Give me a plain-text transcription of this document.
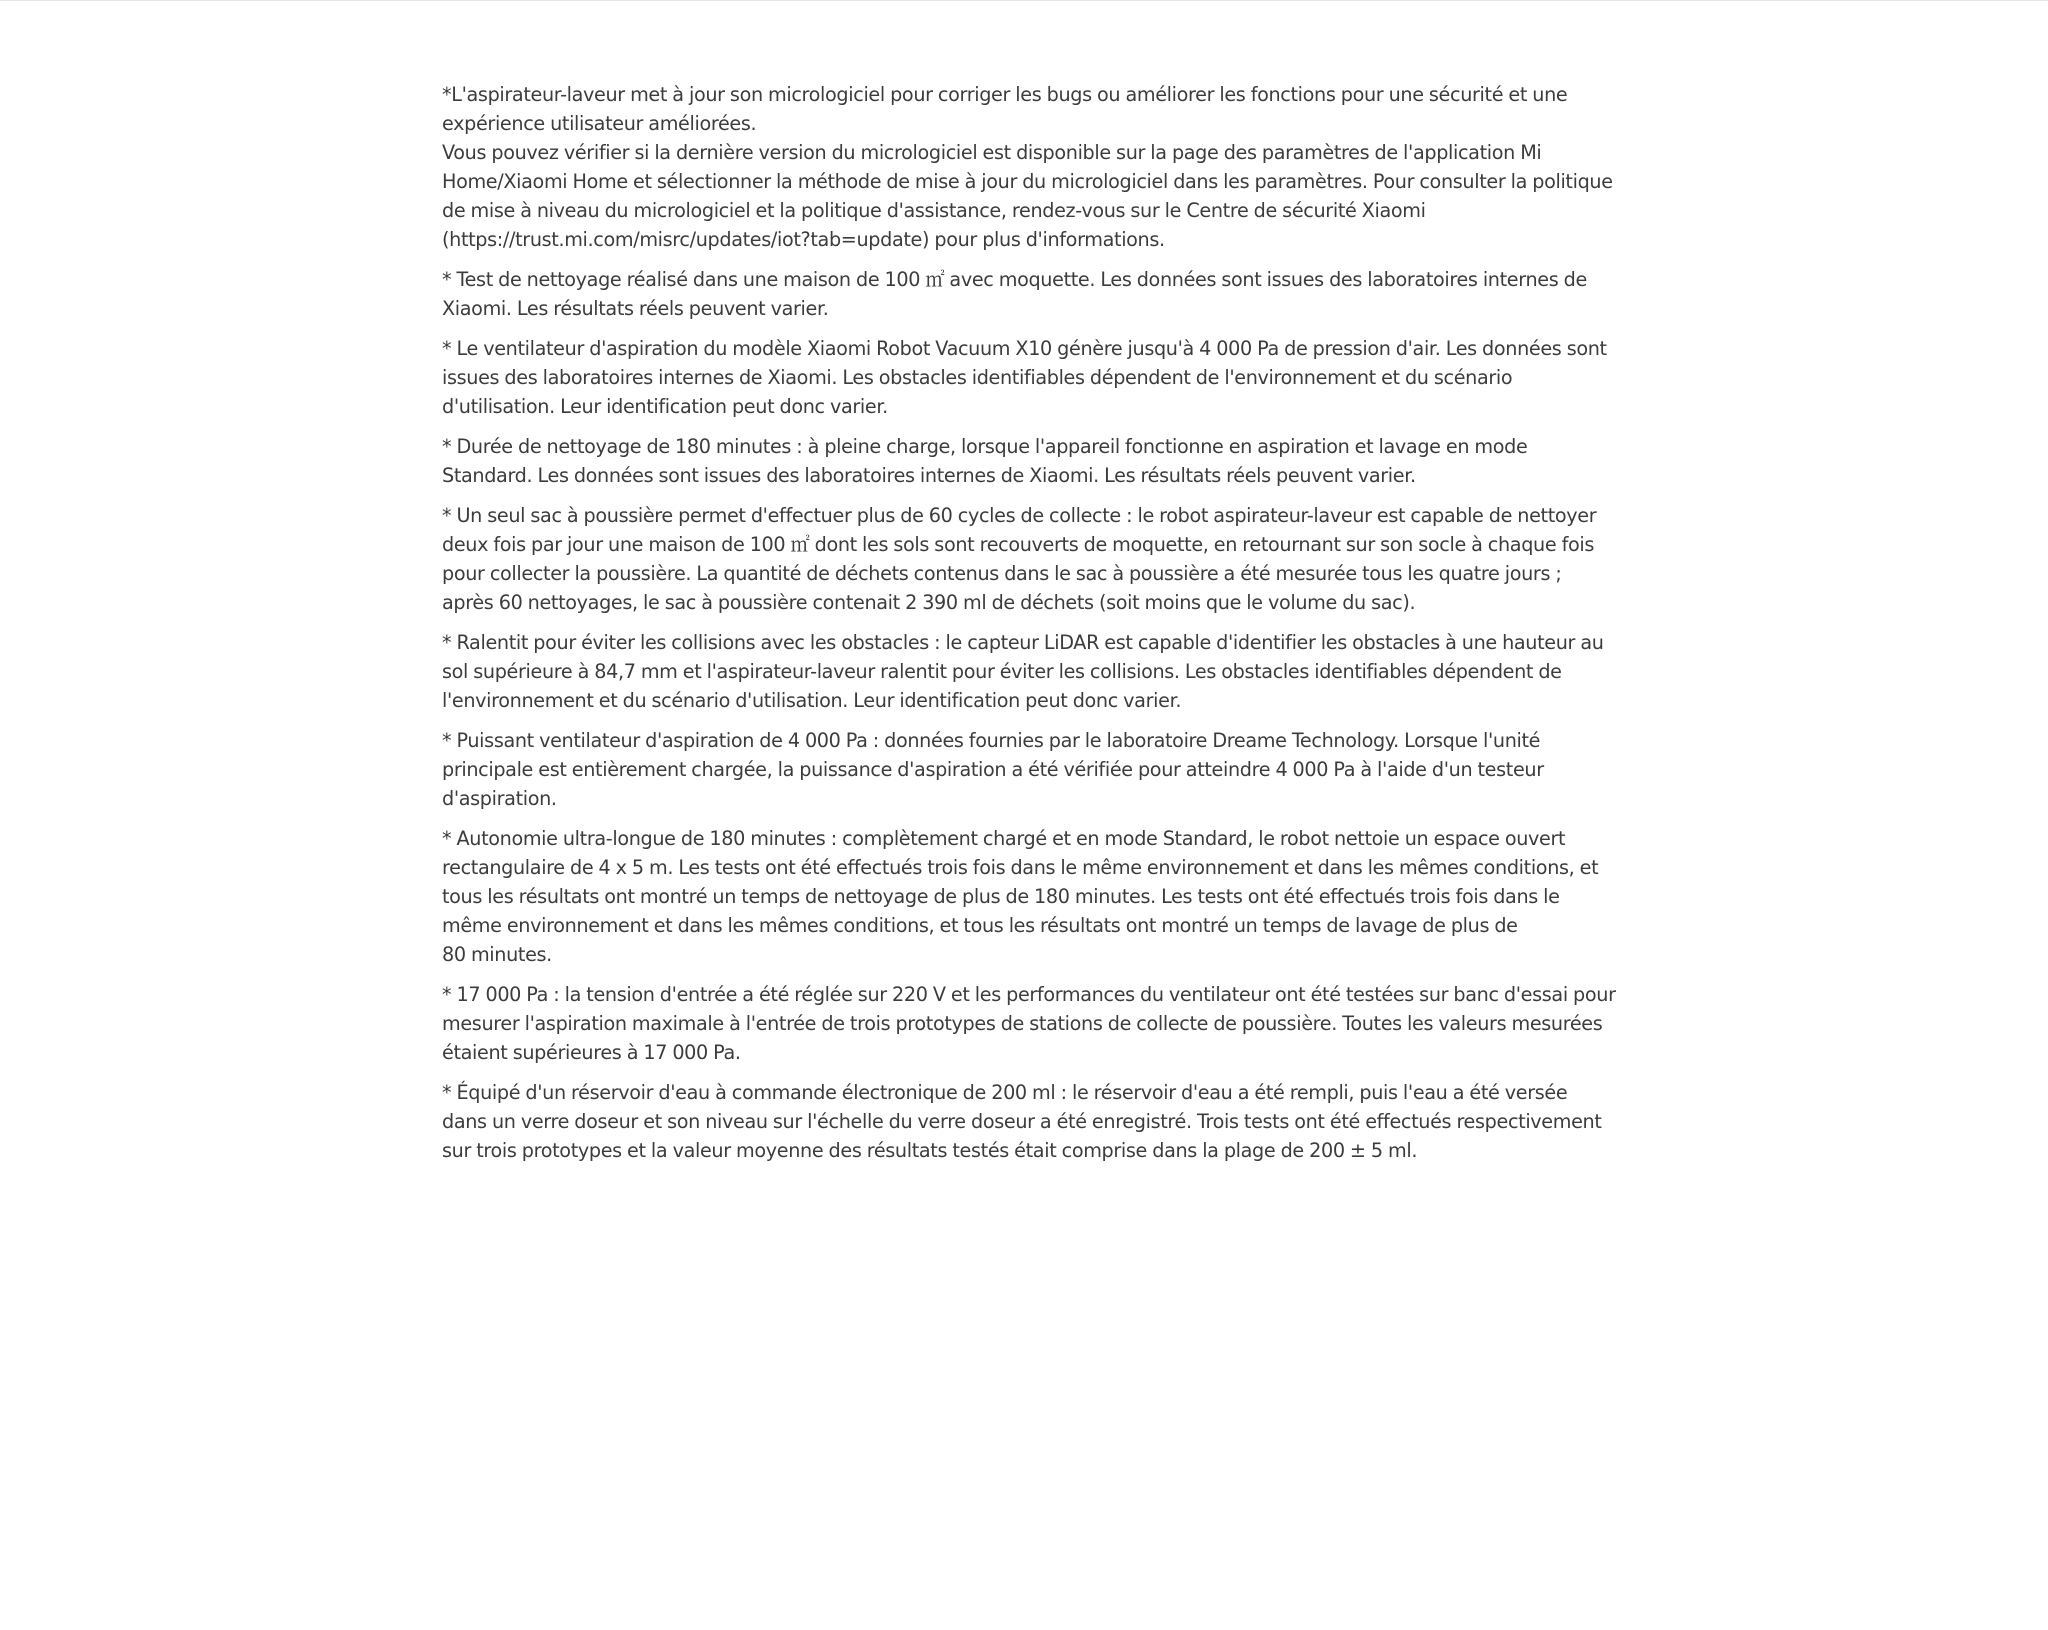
*L'aspirateur-laveur met à jour son micrologiciel pour corriger les bugs ou améliorer les fonctions pour une sécurité et une expérience utilisateur améliorées.

Vous pouvez vérifier si la dernière version du micrologiciel est disponible sur la page des paramètres de l'application Mi Home/Xiaomi Home et sélectionner la méthode de mise à jour du micrologiciel dans les paramètres. Pour consulter la politique de mise à niveau du micrologiciel et la politique d'assistance, rendez-vous sur le Centre de sécurité Xiaomi (https://trust.mi.com/misrc/updates/iot?tab=update) pour plus d'informations.

* Test de nettoyage réalisé dans une maison de 100 ㎡ avec moquette. Les données sont issues des laboratoires internes de Xiaomi. Les résultats réels peuvent varier.

* Le ventilateur d'aspiration du modèle Xiaomi Robot Vacuum X10 génère jusqu'à 4 000 Pa de pression d'air. Les données sont issues des laboratoires internes de Xiaomi. Les obstacles identifiables dépendent de l'environnement et du scénario d'utilisation. Leur identification peut donc varier.

* Durée de nettoyage de 180 minutes : à pleine charge, lorsque l'appareil fonctionne en aspiration et lavage en mode Standard. Les données sont issues des laboratoires internes de Xiaomi. Les résultats réels peuvent varier.

* Un seul sac à poussière permet d'effectuer plus de 60 cycles de collecte : le robot aspirateur-laveur est capable de nettoyer deux fois par jour une maison de 100 ㎡ dont les sols sont recouverts de moquette, en retournant sur son socle à chaque fois pour collecter la poussière. La quantité de déchets contenus dans le sac à poussière a été mesurée tous les quatre jours ; après 60 nettoyages, le sac à poussière contenait 2 390 ml de déchets (soit moins que le volume du sac).

* Ralentit pour éviter les collisions avec les obstacles : le capteur LiDAR est capable d'identifier les obstacles à une hauteur au sol supérieure à 84,7 mm et l'aspirateur-laveur ralentit pour éviter les collisions. Les obstacles identifiables dépendent de l'environnement et du scénario d'utilisation. Leur identification peut donc varier.

* Puissant ventilateur d'aspiration de 4 000 Pa : données fournies par le laboratoire Dreame Technology. Lorsque l'unité principale est entièrement chargée, la puissance d'aspiration a été vérifiée pour atteindre 4 000 Pa à l'aide d'un testeur d'aspiration.

* Autonomie ultra-longue de 180 minutes : complètement chargé et en mode Standard, le robot nettoie un espace ouvert rectangulaire de 4 x 5 m. Les tests ont été effectués trois fois dans le même environnement et dans les mêmes conditions, et tous les résultats ont montré un temps de nettoyage de plus de 180 minutes. Les tests ont été effectués trois fois dans le même environnement et dans les mêmes conditions, et tous les résultats ont montré un temps de lavage de plus de
80 minutes.

* 17 000 Pa : la tension d'entrée a été réglée sur 220 V et les performances du ventilateur ont été testées sur banc d'essai pour mesurer l'aspiration maximale à l'entrée de trois prototypes de stations de collecte de poussière. Toutes les valeurs mesurées étaient supérieures à 17 000 Pa.

* Équipé d'un réservoir d'eau à commande électronique de 200 ml : le réservoir d'eau a été rempli, puis l'eau a été versée dans un verre doseur et son niveau sur l'échelle du verre doseur a été enregistré. Trois tests ont été effectués respectivement sur trois prototypes et la valeur moyenne des résultats testés était comprise dans la plage de 200 ± 5 ml.
